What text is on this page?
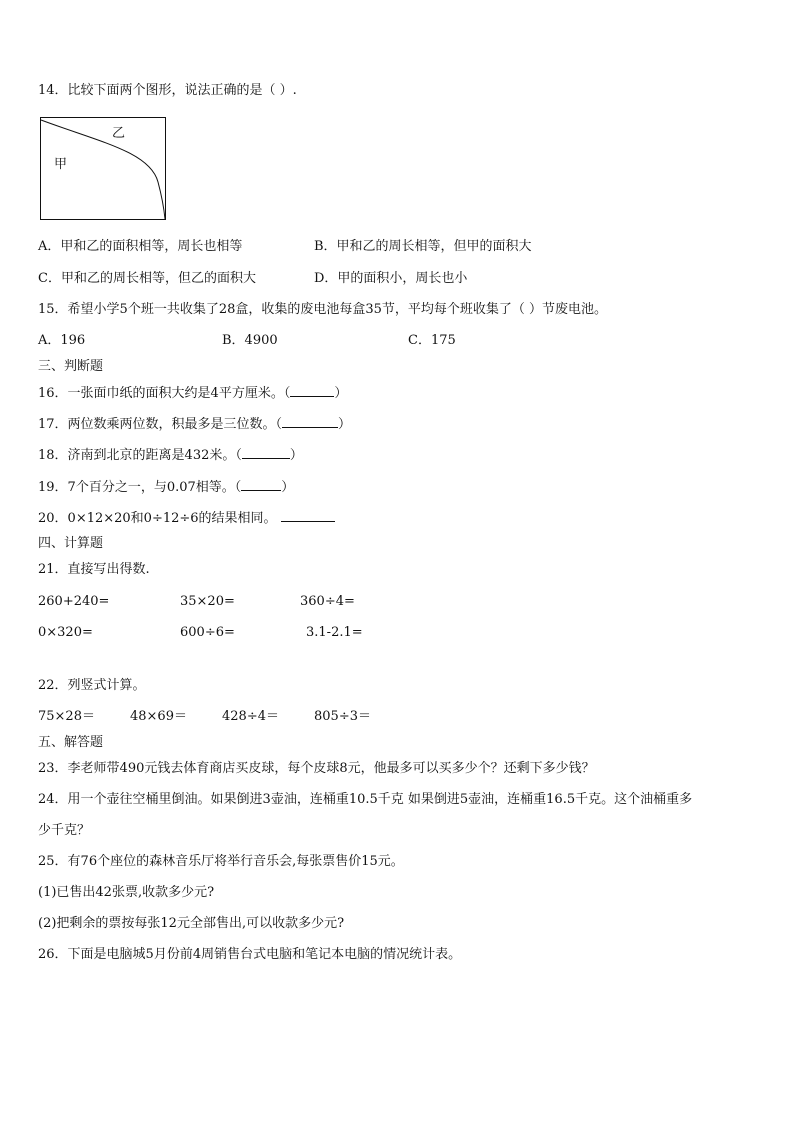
14．比较下面两个图形，说法正确的是（ ）.
乙
甲
A．甲和乙的面积相等，周长也相等	B．甲和乙的周长相等，但甲的面积大
C．甲和乙的周长相等，但乙的面积大	D．甲的面积小，周长也小
15．希望小学5个班一共收集了28盒，收集的废电池每盒35节，平均每个班收集了（ ）节废电池。
A．196	B．4900	C．175
三、判断题
16．一张面巾纸的面积大约是4平方厘米。（	）
17．两位数乘两位数，积最多是三位数。（	）
18．济南到北京的距离是432米。（	）
19．7个百分之一，与0.07相等。（	）
20．0×12×20和0÷12÷6的结果相同。
四、计算题
21．直接写出得数.
260+240=	35×20=	360÷4=
0×320=	600÷6=	3.1-2.1=
22．列竖式计算。
75×28＝	48×69＝	428÷4＝	805÷3＝
五、解答题
23．李老师带490元钱去体育商店买皮球，每个皮球8元，他最多可以买多少个？还剩下多少钱？
24．用一个壶往空桶里倒油。如果倒进3壶油，连桶重10.5千克 如果倒进5壶油，连桶重16.5千克。这个油桶重多
少千克？
25．有76个座位的森林音乐厅将举行音乐会,每张票售价15元。
(1)已售出42张票,收款多少元?
(2)把剩余的票按每张12元全部售出,可以收款多少元?
26．下面是电脑城5月份前4周销售台式电脑和笔记本电脑的情况统计表。
